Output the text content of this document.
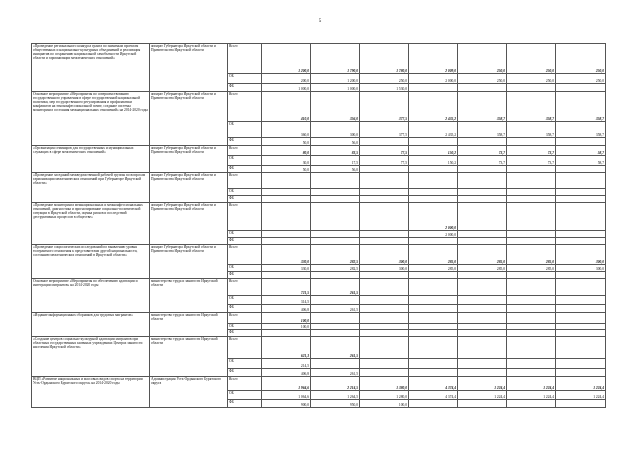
5
«Проведение регионального конкурса гранта по значимым проектам общественных и национально-культурных объединений и реализация инициатив по сохранению национальной самобытности Иркутской области и гармонизации межэтнических отношений»	аппарат Губернатора Иркутской области и Правительства Иркутской области	Всего	1 200,0	1 790,0	1 780,0	2 009,0	250,0	250,0	250,0
		ОБ	200,0	1 200,0	250,0	2 000,0	250,0	250,0	250,0
		ФБ	1 000,0	1 000,0	1 530,0				
Основное мероприятие «Мероприятия по совершенствованию государственного управления в сфере государственной национальной политики, мер государственного регулирования и профилактики конфликтов на этноконфессиональной почве, создание системы мониторинга состояния межнациональных отношений» на 2014-2020 годы	аппарат Губернатора Иркутской области и Правительства Иркутской области	Всего	410,0	356,0	377,5	2 435,2	358,7	358,7	358,7
		ОБ	360,0	300,0	377,5	2 435,2	358,7	358,7	358,7
		ФБ	50,0	56,0					
«Организация семинаров для государственных и муниципальных служащих в сфере межэтнических отношений»	аппарат Губернатора Иркутской области и Правительства Иркутской области	Всего	80,0	83,5	77,5	150,2	73,7	73,7	58,7
		ОБ	30,0	17,5	77,5	150,2	73,7	73,7	58,7
		ФБ	50,0	56,0					
«Проведение заседаний межведомственной рабочей группы по вопросам гармонизации межэтнических отношений при Губернаторе Иркутской области»	аппарат Губернатора Иркутской области и Правительства Иркутской области	Всего							
		ОБ							
		ФБ							
«Проведение мониторинга межнациональных и межконфессиональных отношений, диагностика и прогнозирование социально-политической ситуации в Иркутской области, оценка рисков и последствий деструктивных процессов в обществе»	аппарат Губернатора Иркутской области и Правительства Иркутской области	Всего				2 000,0			
		ОБ				2 000,0			
		ФБ							
«Проведение социологических исследований по выявлению уровня толерантного отношения к представителям другой национальности, состоянию межэтнических отношений в Иркутской области»	аппарат Губернатора Иркутской области и Правительства Иркутской области	Всего	330,0	282,5	300,0	285,0	285,0	285,0	300,0
		ОБ	330,0	282,5	300,0	285,0	285,0	285,0	300,0
		ФБ							
Основное мероприятие «Мероприятия по обеспечению адаптации и интеграции мигрантов» на 2014-2020 годы	министерство труда и занятости Иркутской области	Всего	721,5	261,5					
		ОБ	314,5						
		ФБ	406,8	261,5					
«Издание информационных сборников для трудовых мигрантов»	министерство труда и занятости Иркутской области	Всего	100,0						
		ОБ	100,0						
		ФБ							
«Создание центров социально-культурной адаптации мигрантов при областных государственных казенных учреждениях Центрах занятости населения Иркутской области»	министерство труда и занятости Иркутской области	Всего	621,3	261,5					
		ОБ	214,5						
		ФБ	406,8	261,5					
ВЦП «Развитие национальных и массовых видов спорта на территории Усть-Ордынского Бурятского округа» на 2014-2020 годы	Администрация Усть-Ордынского Бурятского округа	Всего	1 964,6	2 214,5	1 380,0	4 374,4	1 224,4	1 224,4	1 224,4
		ОБ	1 064,6	1 264,5	1 280,0	4 374,4	1 224,4	1 224,4	1 224,4
		ФБ	900,0	950,0	100,0				
